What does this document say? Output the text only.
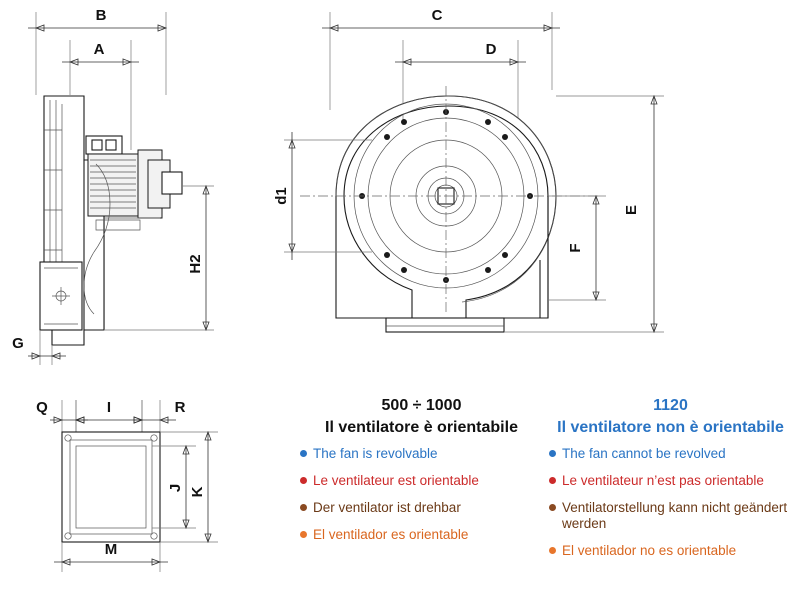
B
A
H2
G
C
D
d1
E
F
Q	I	R
J K
M
500 ÷ 1000
Il ventilatore è orientabile
The fan is revolvable
Le ventilateur est orientable
Der ventilator ist drehbar
El ventilador es orientable
1120
Il ventilatore non è orientabile
The fan cannot be revolved
Le ventilateur n’est pas orientable
Ventilatorstellung kann nicht geändert werden
El ventilador no es orientable
